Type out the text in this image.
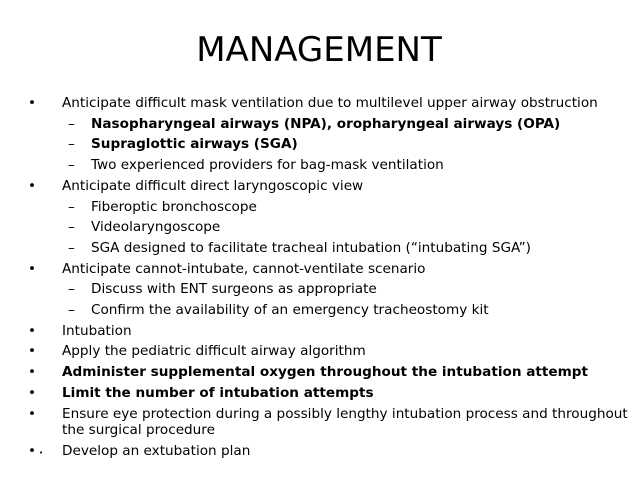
MANAGEMENT
•	Anticipate difficult mask ventilation due to multilevel upper airway obstruction
– Nasopharyngeal airways (NPA), oropharyngeal airways (OPA)
– Supraglottic airways (SGA)
– Two experienced providers for bag-mask ventilation
•	Anticipate difficult direct laryngoscopic view
– Fiberoptic bronchoscope
– Videolaryngoscope
– SGA designed to facilitate tracheal intubation (“intubating SGA”)
•	Anticipate cannot-intubate, cannot-ventilate scenario
– Discuss with ENT surgeons as appropriate
– Confirm the availability of an emergency tracheostomy kit
•	Intubation
•	Apply the pediatric difficult airway algorithm
•	Administer supplemental oxygen throughout the intubation attempt
•	Limit the number of intubation attempts
•	Ensure eye protection during a possibly lengthy intubation process and throughout the surgical procedure
•	Develop an extubation plan
•
